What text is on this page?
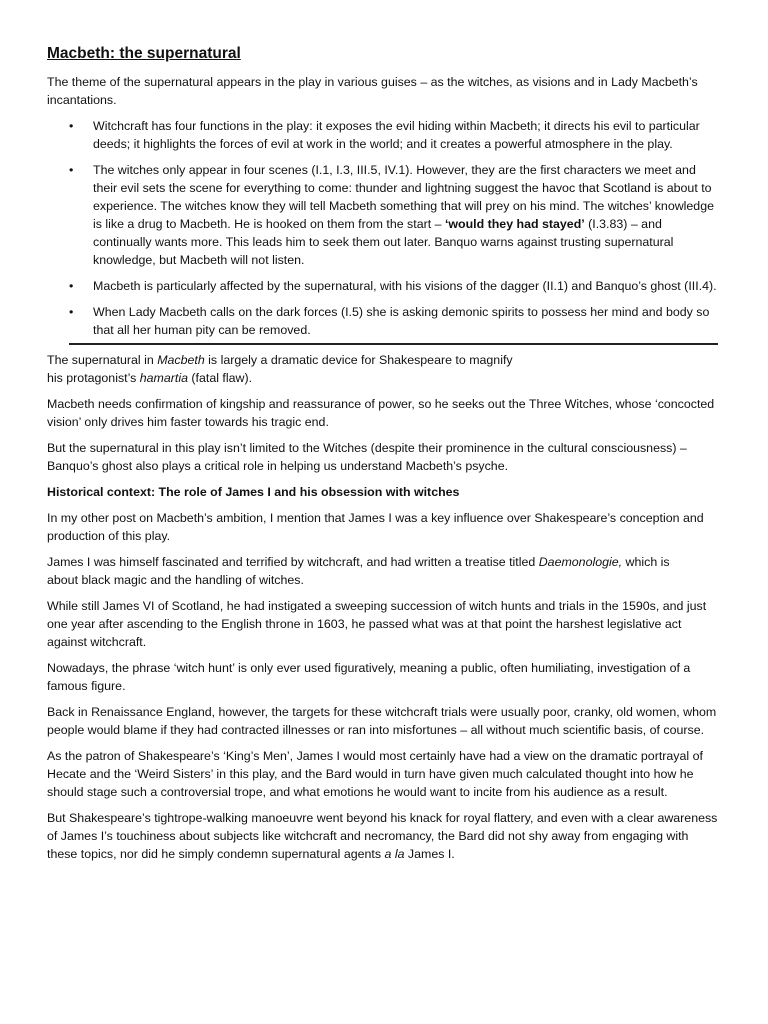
Macbeth: the supernatural

The theme of the supernatural appears in the play in various guises – as the witches, as visions and in Lady Macbeth’s incantations.

• Witchcraft has four functions in the play: it exposes the evil hiding within Macbeth; it directs his evil to particular deeds; it highlights the forces of evil at work in the world; and it creates a powerful atmosphere in the play.
• The witches only appear in four scenes (I.1, I.3, III.5, IV.1). However, they are the first characters we meet and their evil sets the scene for everything to come: thunder and lightning suggest the havoc that Scotland is about to experience. The witches know they will tell Macbeth something that will prey on his mind. The witches’ knowledge is like a drug to Macbeth. He is hooked on them from the start – ‘would they had stayed’ (I.3.83) – and continually wants more. This leads him to seek them out later. Banquo warns against trusting supernatural knowledge, but Macbeth will not listen.
• Macbeth is particularly affected by the supernatural, with his visions of the dagger (II.1) and Banquo’s ghost (III.4).
• When Lady Macbeth calls on the dark forces (I.5) she is asking demonic spirits to possess her mind and body so that all her human pity can be removed.

The supernatural in Macbeth is largely a dramatic device for Shakespeare to magnify his protagonist’s hamartia (fatal flaw).

Macbeth needs confirmation of kingship and reassurance of power, so he seeks out the Three Witches, whose ‘concocted vision’ only drives him faster towards his tragic end.

But the supernatural in this play isn’t limited to the Witches (despite their prominence in the cultural consciousness) – Banquo’s ghost also plays a critical role in helping us understand Macbeth’s psyche.

Historical context: The role of James I and his obsession with witches

In my other post on Macbeth’s ambition, I mention that James I was a key influence over Shakespeare’s conception and production of this play.

James I was himself fascinated and terrified by witchcraft, and had written a treatise titled Daemonologie, which is about black magic and the handling of witches.

While still James VI of Scotland, he had instigated a sweeping succession of witch hunts and trials in the 1590s, and just one year after ascending to the English throne in 1603, he passed what was at that point the harshest legislative act against witchcraft.

Nowadays, the phrase ‘witch hunt’ is only ever used figuratively, meaning a public, often humiliating, investigation of a famous figure.

Back in Renaissance England, however, the targets for these witchcraft trials were usually poor, cranky, old women, whom people would blame if they had contracted illnesses or ran into misfortunes – all without much scientific basis, of course.

As the patron of Shakespeare’s ‘King’s Men’, James I would most certainly have had a view on the dramatic portrayal of Hecate and the ‘Weird Sisters’ in this play, and the Bard would in turn have given much calculated thought into how he should stage such a controversial trope, and what emotions he would want to incite from his audience as a result.

But Shakespeare’s tightrope-walking manoeuvre went beyond his knack for royal flattery, and even with a clear awareness of James I’s touchiness about subjects like witchcraft and necromancy, the Bard did not shy away from engaging with these topics, nor did he simply condemn supernatural agents a la James I.
